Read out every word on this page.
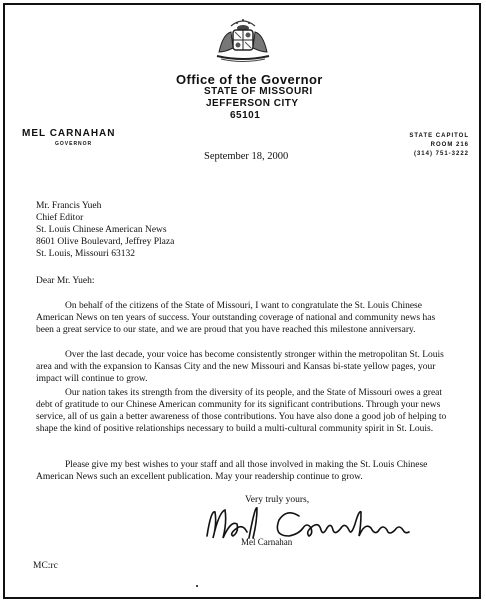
Office of the Governor
STATE OF MISSOURI
JEFFERSON CITY
65101
MEL CARNAHAN
GOVERNOR
STATE CAPITOL
ROOM 216
(314) 751-3222
September 18, 2000
Mr. Francis Yueh
Chief Editor
St. Louis Chinese American News
8601 Olive Boulevard, Jeffrey Plaza
St. Louis, Missouri 63132
Dear Mr. Yueh:
On behalf of the citizens of the State of Missouri, I want to congratulate the St. Louis Chinese American News on ten years of success. Your outstanding coverage of national and community news has been a great service to our state, and we are proud that you have reached this milestone anniversary.
Over the last decade, your voice has become consistently stronger within the metropolitan St. Louis area and with the expansion to Kansas City and the new Missouri and Kansas bi-state yellow pages, your impact will continue to grow.
Our nation takes its strength from the diversity of its people, and the State of Missouri owes a great debt of gratitude to our Chinese American community for its significant contributions. Through your news service, all of us gain a better awareness of those contributions. You have also done a good job of helping to shape the kind of positive relationships necessary to build a multi-cultural community spirit in St. Louis.
Please give my best wishes to your staff and all those involved in making the St. Louis Chinese American News such an excellent publication. May your readership continue to grow.
Very truly yours,
Mel Carnahan
MC:rc
